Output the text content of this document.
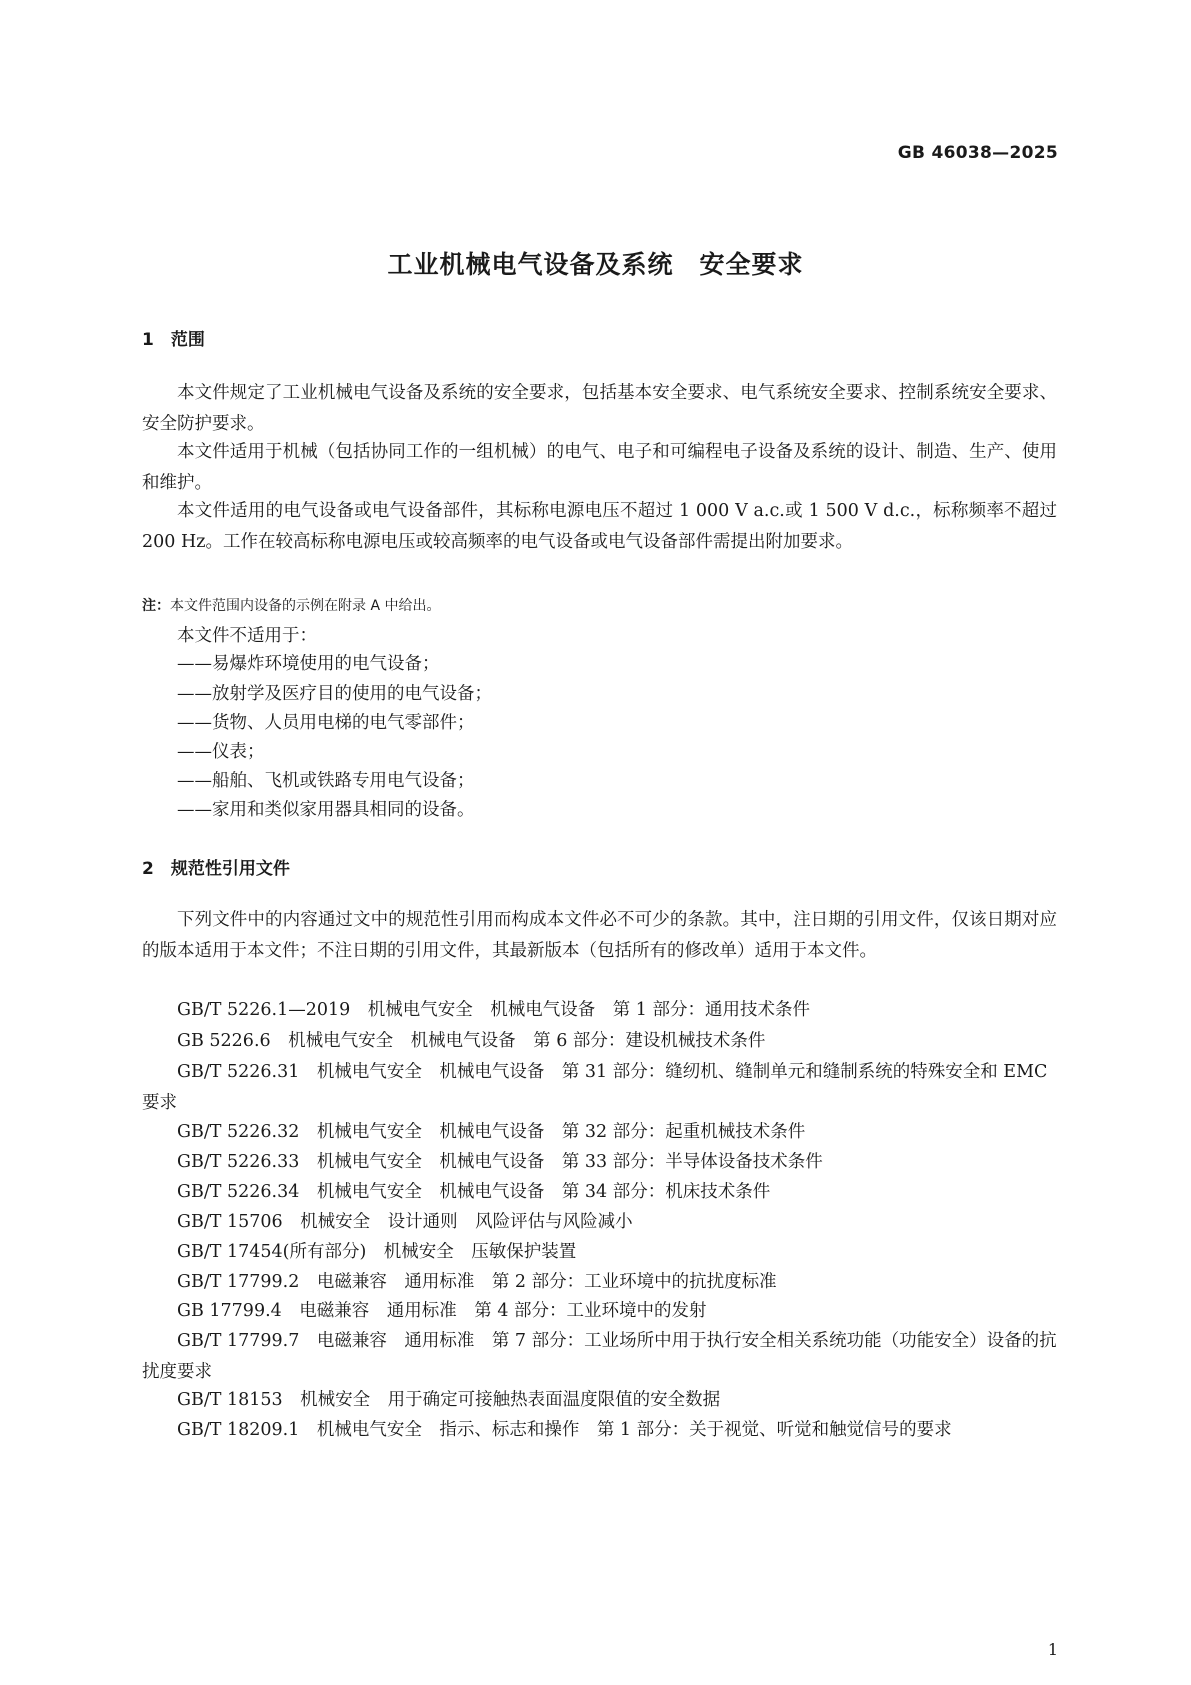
GB 46038—2025
工业机械电气设备及系统　安全要求
1　范围
本文件规定了工业机械电气设备及系统的安全要求，包括基本安全要求、电气系统安全要求、控制系统安全要求、安全防护要求。
本文件适用于机械（包括协同工作的一组机械）的电气、电子和可编程电子设备及系统的设计、制造、生产、使用和维护。
本文件适用的电气设备或电气设备部件，其标称电源电压不超过 1 000 V a.c.或 1 500 V d.c.，标称频率不超过 200 Hz。工作在较高标称电源电压或较高频率的电气设备或电气设备部件需提出附加要求。
注：本文件范围内设备的示例在附录 A 中给出。
本文件不适用于：
——易爆炸环境使用的电气设备；
——放射学及医疗目的使用的电气设备；
——货物、人员用电梯的电气零部件；
——仪表；
——船舶、飞机或铁路专用电气设备；
——家用和类似家用器具相同的设备。
2　规范性引用文件
下列文件中的内容通过文中的规范性引用而构成本文件必不可少的条款。其中，注日期的引用文件，仅该日期对应的版本适用于本文件；不注日期的引用文件，其最新版本（包括所有的修改单）适用于本文件。
GB/T 5226.1—2019　机械电气安全　机械电气设备　第 1 部分：通用技术条件
GB 5226.6　机械电气安全　机械电气设备　第 6 部分：建设机械技术条件
GB/T 5226.31　机械电气安全　机械电气设备　第 31 部分：缝纫机、缝制单元和缝制系统的特殊安全和 EMC 要求
GB/T 5226.32　机械电气安全　机械电气设备　第 32 部分：起重机械技术条件
GB/T 5226.33　机械电气安全　机械电气设备　第 33 部分：半导体设备技术条件
GB/T 5226.34　机械电气安全　机械电气设备　第 34 部分：机床技术条件
GB/T 15706　机械安全　设计通则　风险评估与风险减小
GB/T 17454(所有部分)　机械安全　压敏保护装置
GB/T 17799.2　电磁兼容　通用标准　第 2 部分：工业环境中的抗扰度标准
GB 17799.4　电磁兼容　通用标准　第 4 部分：工业环境中的发射
GB/T 17799.7　电磁兼容　通用标准　第 7 部分：工业场所中用于执行安全相关系统功能（功能安全）设备的抗扰度要求
GB/T 18153　机械安全　用于确定可接触热表面温度限值的安全数据
GB/T 18209.1　机械电气安全　指示、标志和操作　第 1 部分：关于视觉、听觉和触觉信号的要求
1
